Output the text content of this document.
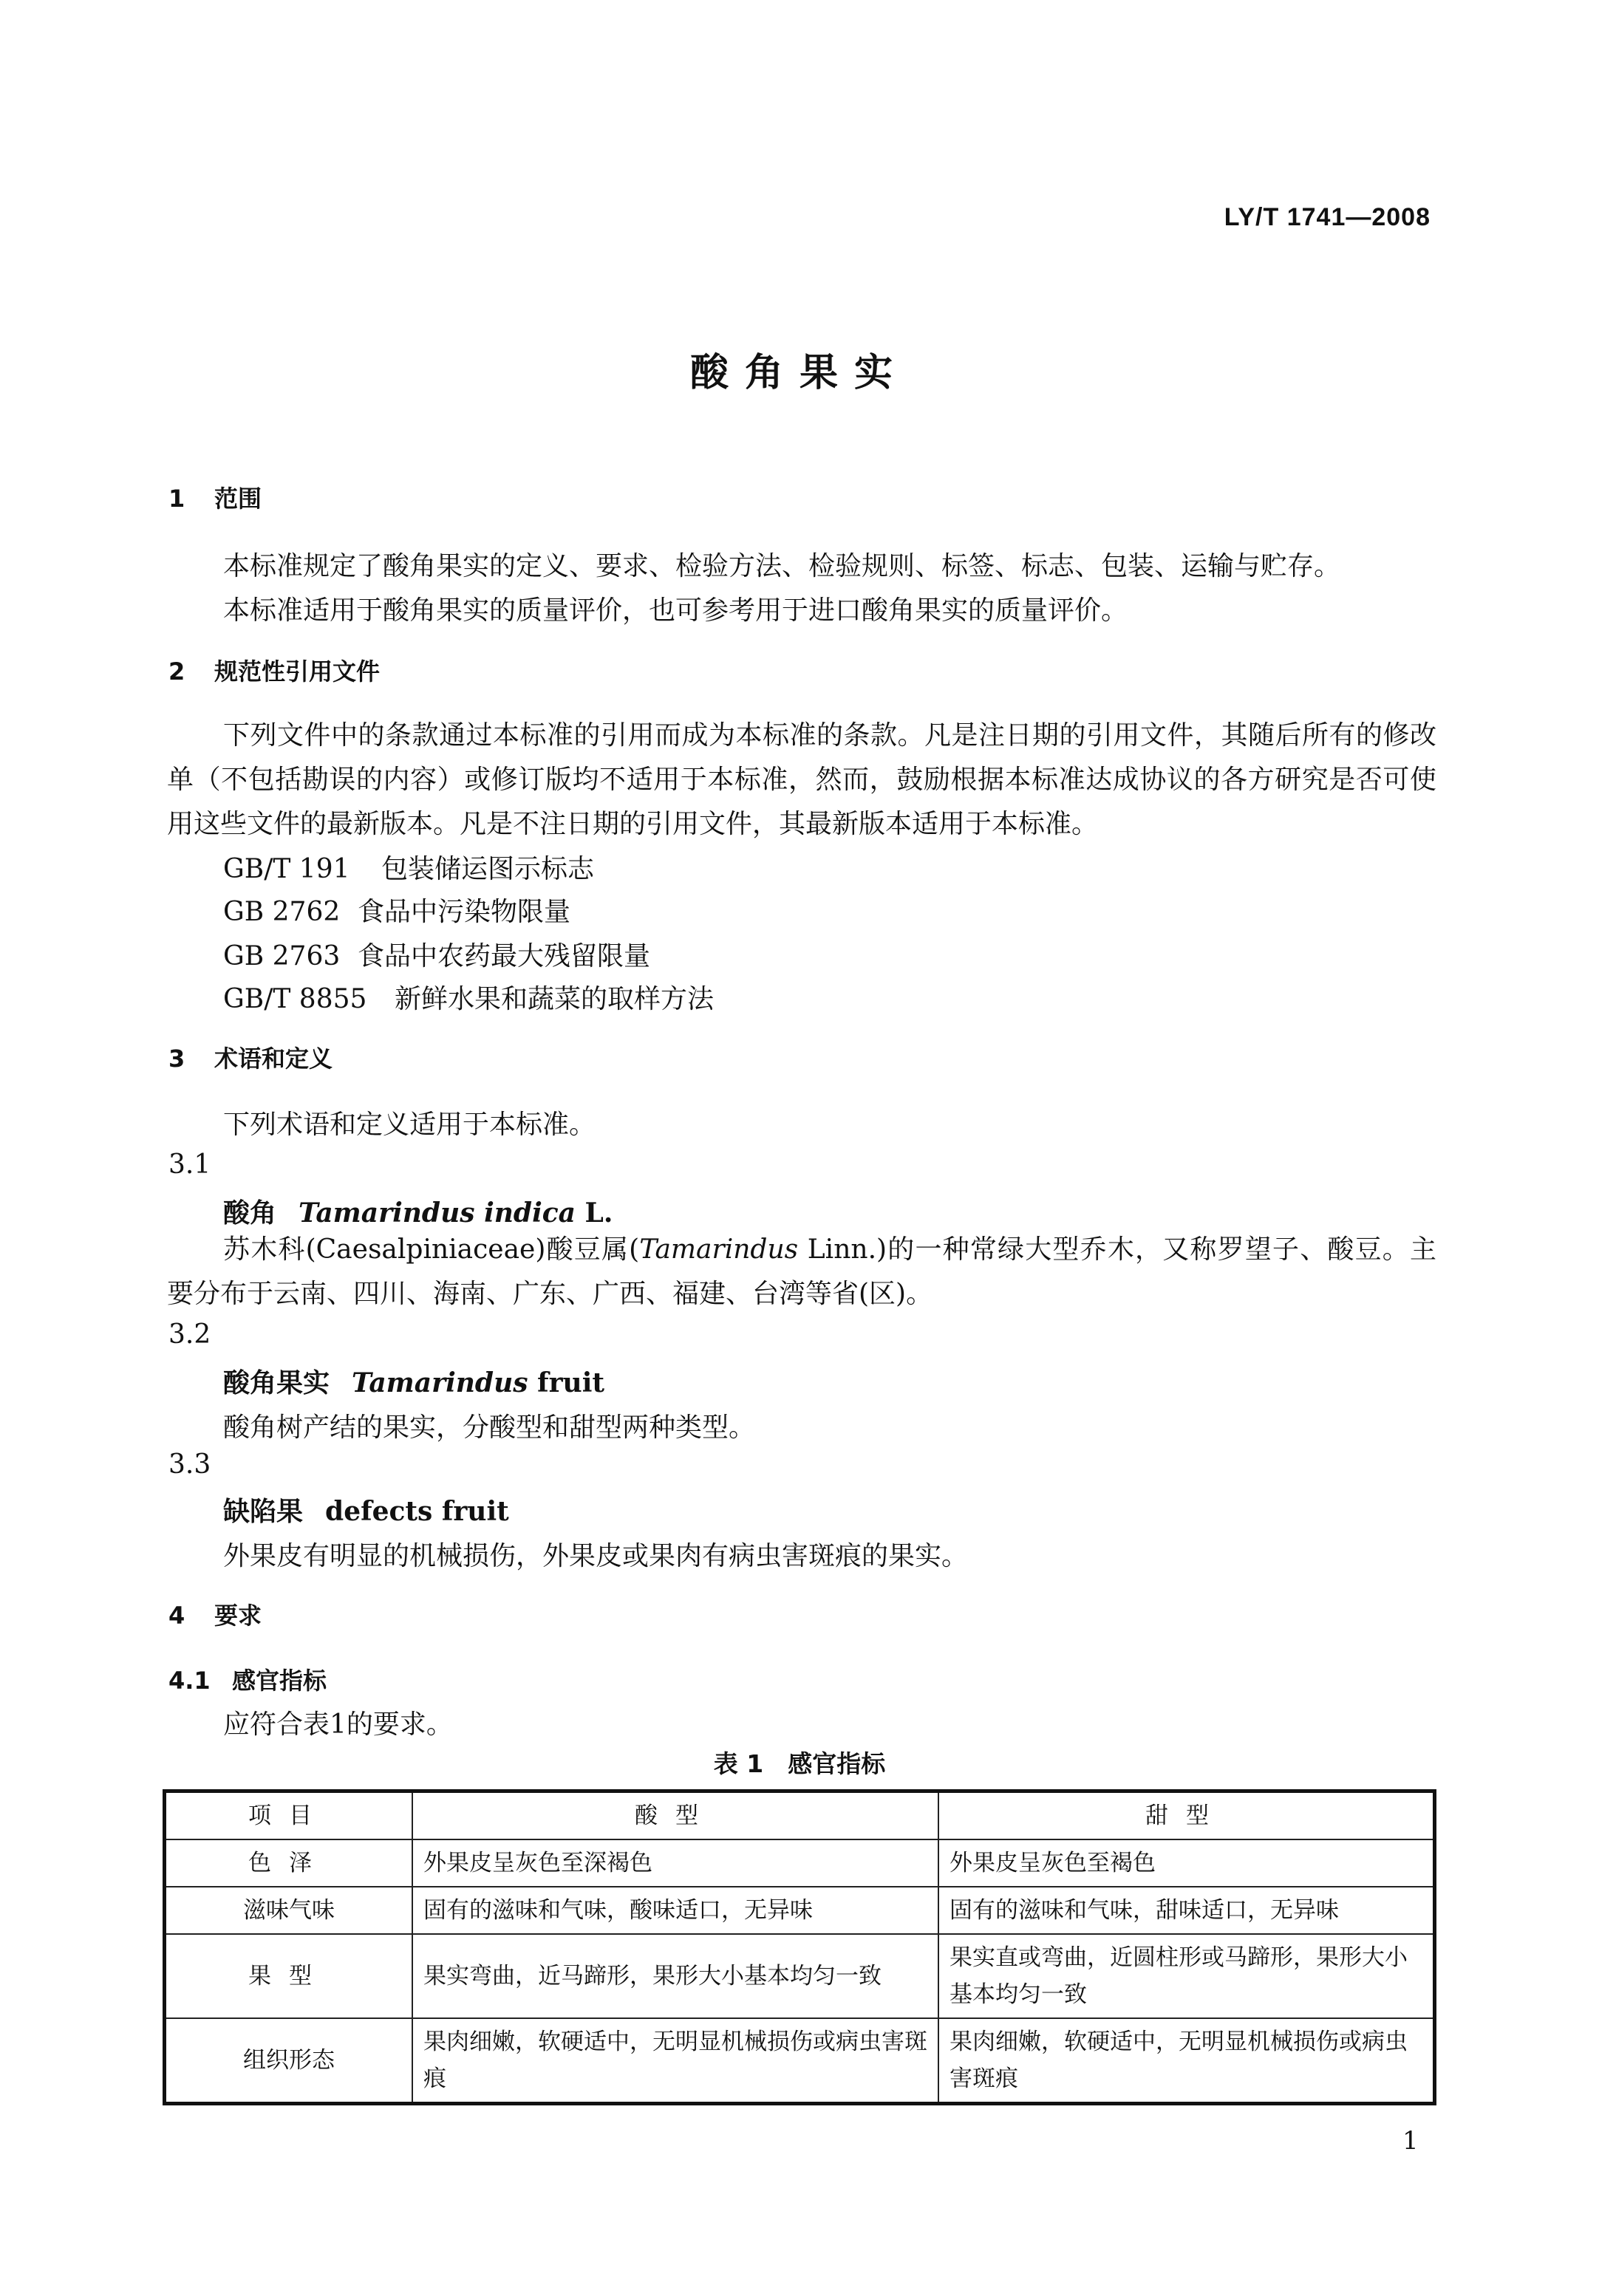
LY/T 1741—2008
酸角果实
1 范围
本标准规定了酸角果实的定义、要求、检验方法、检验规则、标签、标志、包装、运输与贮存。
本标准适用于酸角果实的质量评价，也可参考用于进口酸角果实的质量评价。
2 规范性引用文件
下列文件中的条款通过本标准的引用而成为本标准的条款。凡是注日期的引用文件，其随后所有的修改单（不包括勘误的内容）或修订版均不适用于本标准，然而，鼓励根据本标准达成协议的各方研究是否可使用这些文件的最新版本。凡是不注日期的引用文件，其最新版本适用于本标准。
GB/T 191 包装储运图示标志
GB 2762 食品中污染物限量
GB 2763 食品中农药最大残留限量
GB/T 8855 新鲜水果和蔬菜的取样方法
3 术语和定义
下列术语和定义适用于本标准。
3.1
酸角 Tamarindus indica L.
苏木科(Caesalpiniaceae)酸豆属(Tamarindus Linn.)的一种常绿大型乔木，又称罗望子、酸豆。主要分布于云南、四川、海南、广东、广西、福建、台湾等省(区)。
3.2
酸角果实 Tamarindus fruit
酸角树产结的果实，分酸型和甜型两种类型。
3.3
缺陷果 defects fruit
外果皮有明显的机械损伤，外果皮或果肉有病虫害斑痕的果实。
4 要求
4.1 感官指标
应符合表1的要求。
表 1　感官指标
项目	酸型	甜型
色泽	外果皮呈灰色至深褐色	外果皮呈灰色至褐色
滋味气味	固有的滋味和气味，酸味适口，无异味	固有的滋味和气味，甜味适口，无异味
果型	果实弯曲，近马蹄形，果形大小基本均匀一致	果实直或弯曲，近圆柱形或马蹄形，果形大小基本均匀一致
组织形态	果肉细嫩，软硬适中，无明显机械损伤或病虫害斑痕	果肉细嫩，软硬适中，无明显机械损伤或病虫害斑痕
1
